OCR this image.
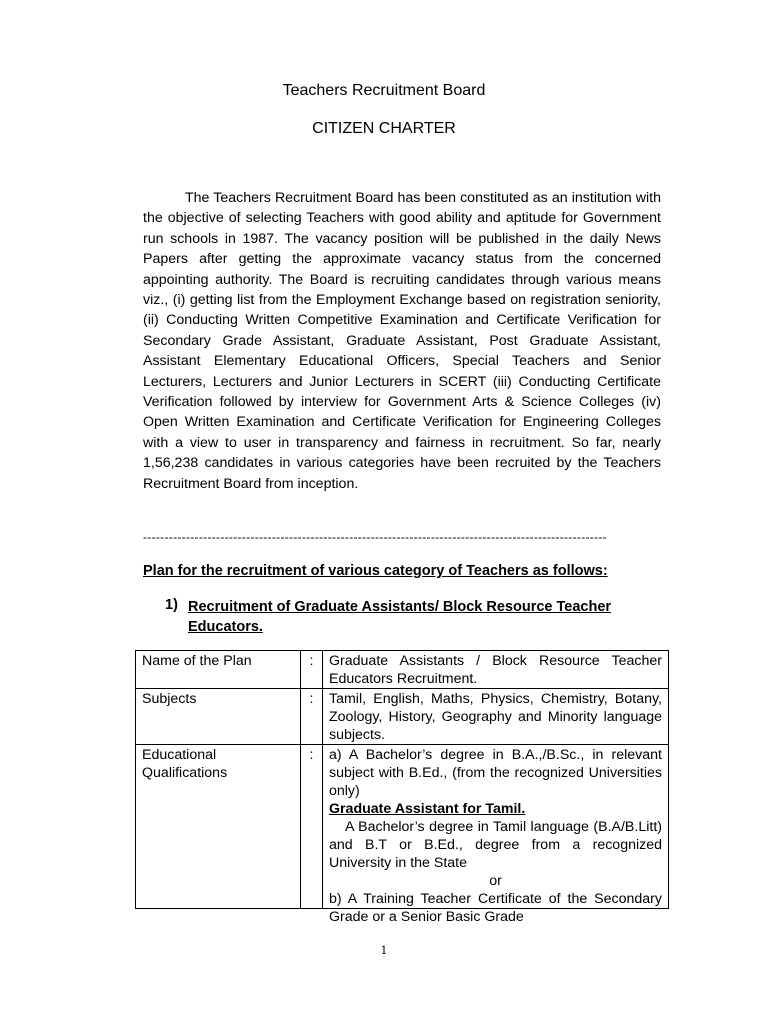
Teachers Recruitment Board
CITIZEN CHARTER

The Teachers Recruitment Board has been constituted as an institution with the objective of selecting Teachers with good ability and aptitude for Government run schools in 1987. The vacancy position will be published in the daily News Papers after getting the approximate vacancy status from the concerned appointing authority. The Board is recruiting candidates through various means viz., (i) getting list from the Employment Exchange based on registration seniority, (ii) Conducting Written Competitive Examination and Certificate Verification for Secondary Grade Assistant, Graduate Assistant, Post Graduate Assistant, Assistant Elementary Educational Officers, Special Teachers and Senior Lecturers, Lecturers and Junior Lecturers in SCERT (iii) Conducting Certificate Verification followed by interview for Government Arts & Science Colleges (iv) Open Written Examination and Certificate Verification for Engineering Colleges with a view to user in transparency and fairness in recruitment. So far, nearly 1,56,238 candidates in various categories have been recruited by the Teachers Recruitment Board from inception.

------------------------------------------------------------------------------------------------------------

Plan for the recruitment of various category of Teachers as follows:

1) Recruitment of Graduate Assistants/ Block Resource Teacher Educators.

Name of the Plan	:	Graduate Assistants / Block Resource Teacher Educators Recruitment.
Subjects	:	Tamil, English, Maths, Physics, Chemistry, Botany, Zoology, History, Geography and Minority language subjects.
Educational Qualifications	:	a) A Bachelor’s degree in B.A.,/B.Sc., in relevant subject with B.Ed., (from the recognized Universities only)
Graduate Assistant for Tamil.
A Bachelor’s degree in Tamil language (B.A/B.Litt) and B.T or B.Ed., degree from a recognized University in the State
or
b) A Training Teacher Certificate of the Secondary Grade or a Senior Basic Grade
1
